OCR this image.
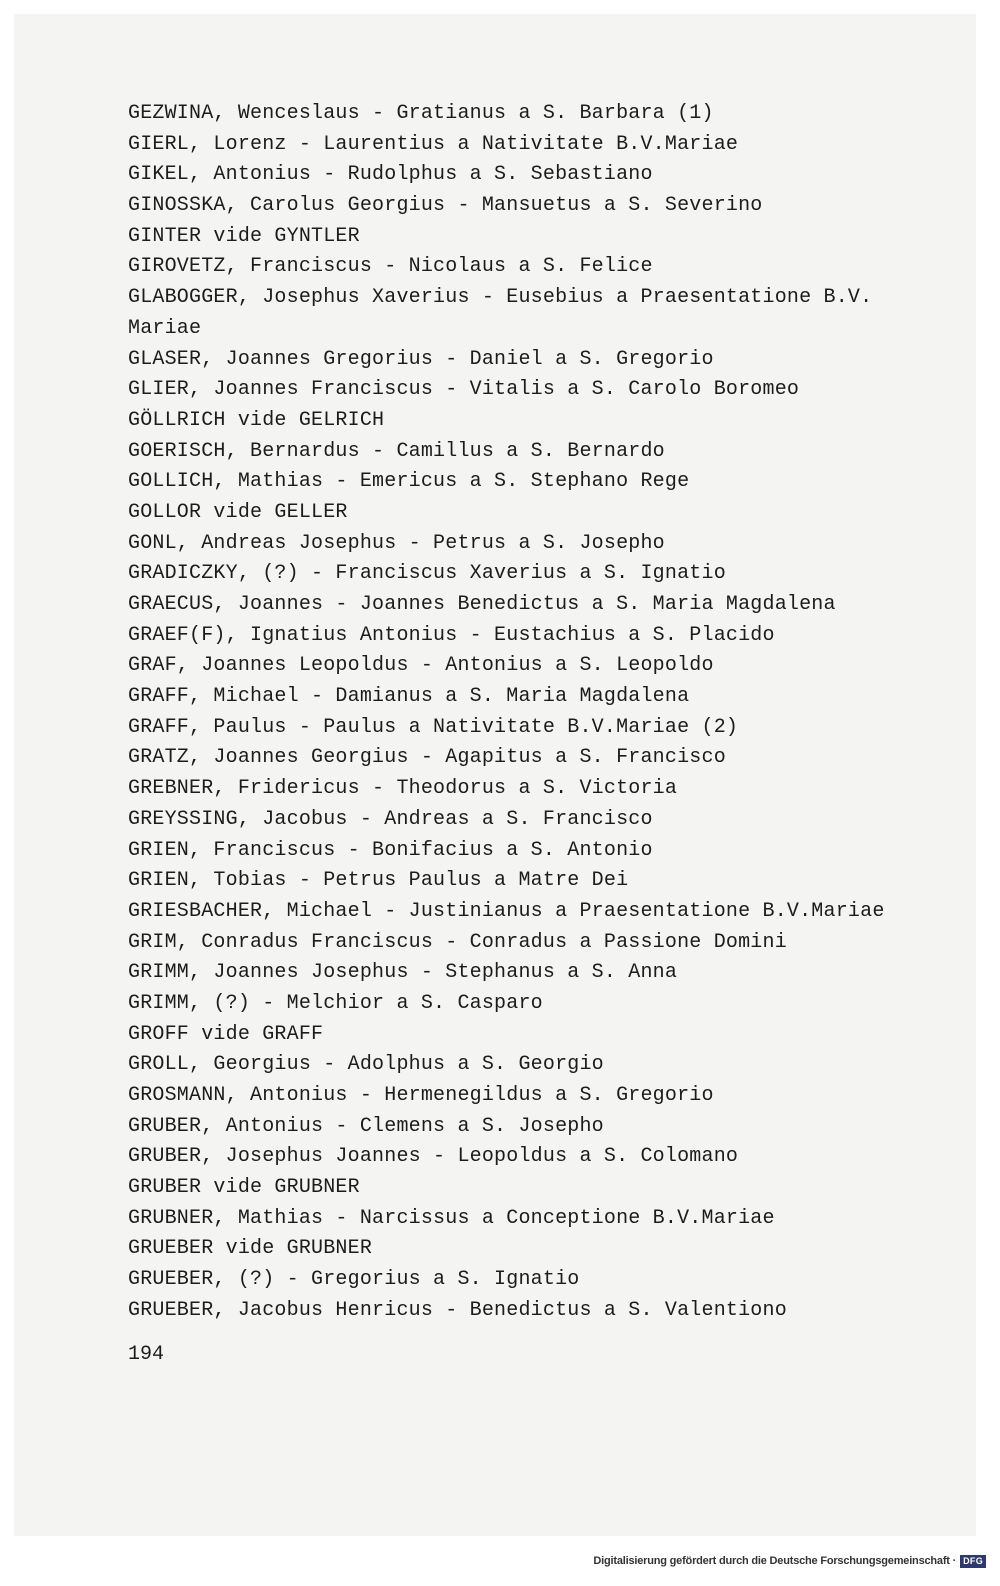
GEZWINA, Wenceslaus - Gratianus a S. Barbara (1)
GIERL, Lorenz - Laurentius a Nativitate B.V.Mariae
GIKEL, Antonius - Rudolphus a S. Sebastiano
GINOSSKA, Carolus Georgius - Mansuetus a S. Severino
GINTER vide GYNTLER
GIROVETZ, Franciscus - Nicolaus a S. Felice
GLABOGGER, Josephus Xaverius - Eusebius a Praesentatione B.V.
Mariae
GLASER, Joannes Gregorius - Daniel a S. Gregorio
GLIER, Joannes Franciscus - Vitalis a S. Carolo Boromeo
GÖLLRICH vide GELRICH
GOERISCH, Bernardus - Camillus a S. Bernardo
GOLLICH, Mathias - Emericus a S. Stephano Rege
GOLLOR vide GELLER
GONL, Andreas Josephus - Petrus a S. Josepho
GRADICZKY, (?) - Franciscus Xaverius a S. Ignatio
GRAECUS, Joannes - Joannes Benedictus a S. Maria Magdalena
GRAEF(F), Ignatius Antonius - Eustachius a S. Placido
GRAF, Joannes Leopoldus - Antonius a S. Leopoldo
GRAFF, Michael - Damianus a S. Maria Magdalena
GRAFF, Paulus - Paulus a Nativitate B.V.Mariae (2)
GRATZ, Joannes Georgius - Agapitus a S. Francisco
GREBNER, Fridericus - Theodorus a S. Victoria
GREYSSING, Jacobus - Andreas a S. Francisco
GRIEN, Franciscus - Bonifacius a S. Antonio
GRIEN, Tobias - Petrus Paulus a Matre Dei
GRIESBACHER, Michael - Justinianus a Praesentatione B.V.Mariae
GRIM, Conradus Franciscus - Conradus a Passione Domini
GRIMM, Joannes Josephus - Stephanus a S. Anna
GRIMM, (?) - Melchior a S. Casparo
GROFF vide GRAFF
GROLL, Georgius - Adolphus a S. Georgio
GROSMANN, Antonius - Hermenegildus a S. Gregorio
GRUBER, Antonius - Clemens a S. Josepho
GRUBER, Josephus Joannes - Leopoldus a S. Colomano
GRUBER vide GRUBNER
GRUBNER, Mathias - Narcissus a Conceptione B.V.Mariae
GRUEBER vide GRUBNER
GRUEBER, (?) - Gregorius a S. Ignatio
GRUEBER, Jacobus Henricus - Benedictus a S. Valentiono
194
Digitalisierung gefördert durch die Deutsche Forschungsgemeinschaft · DFG
